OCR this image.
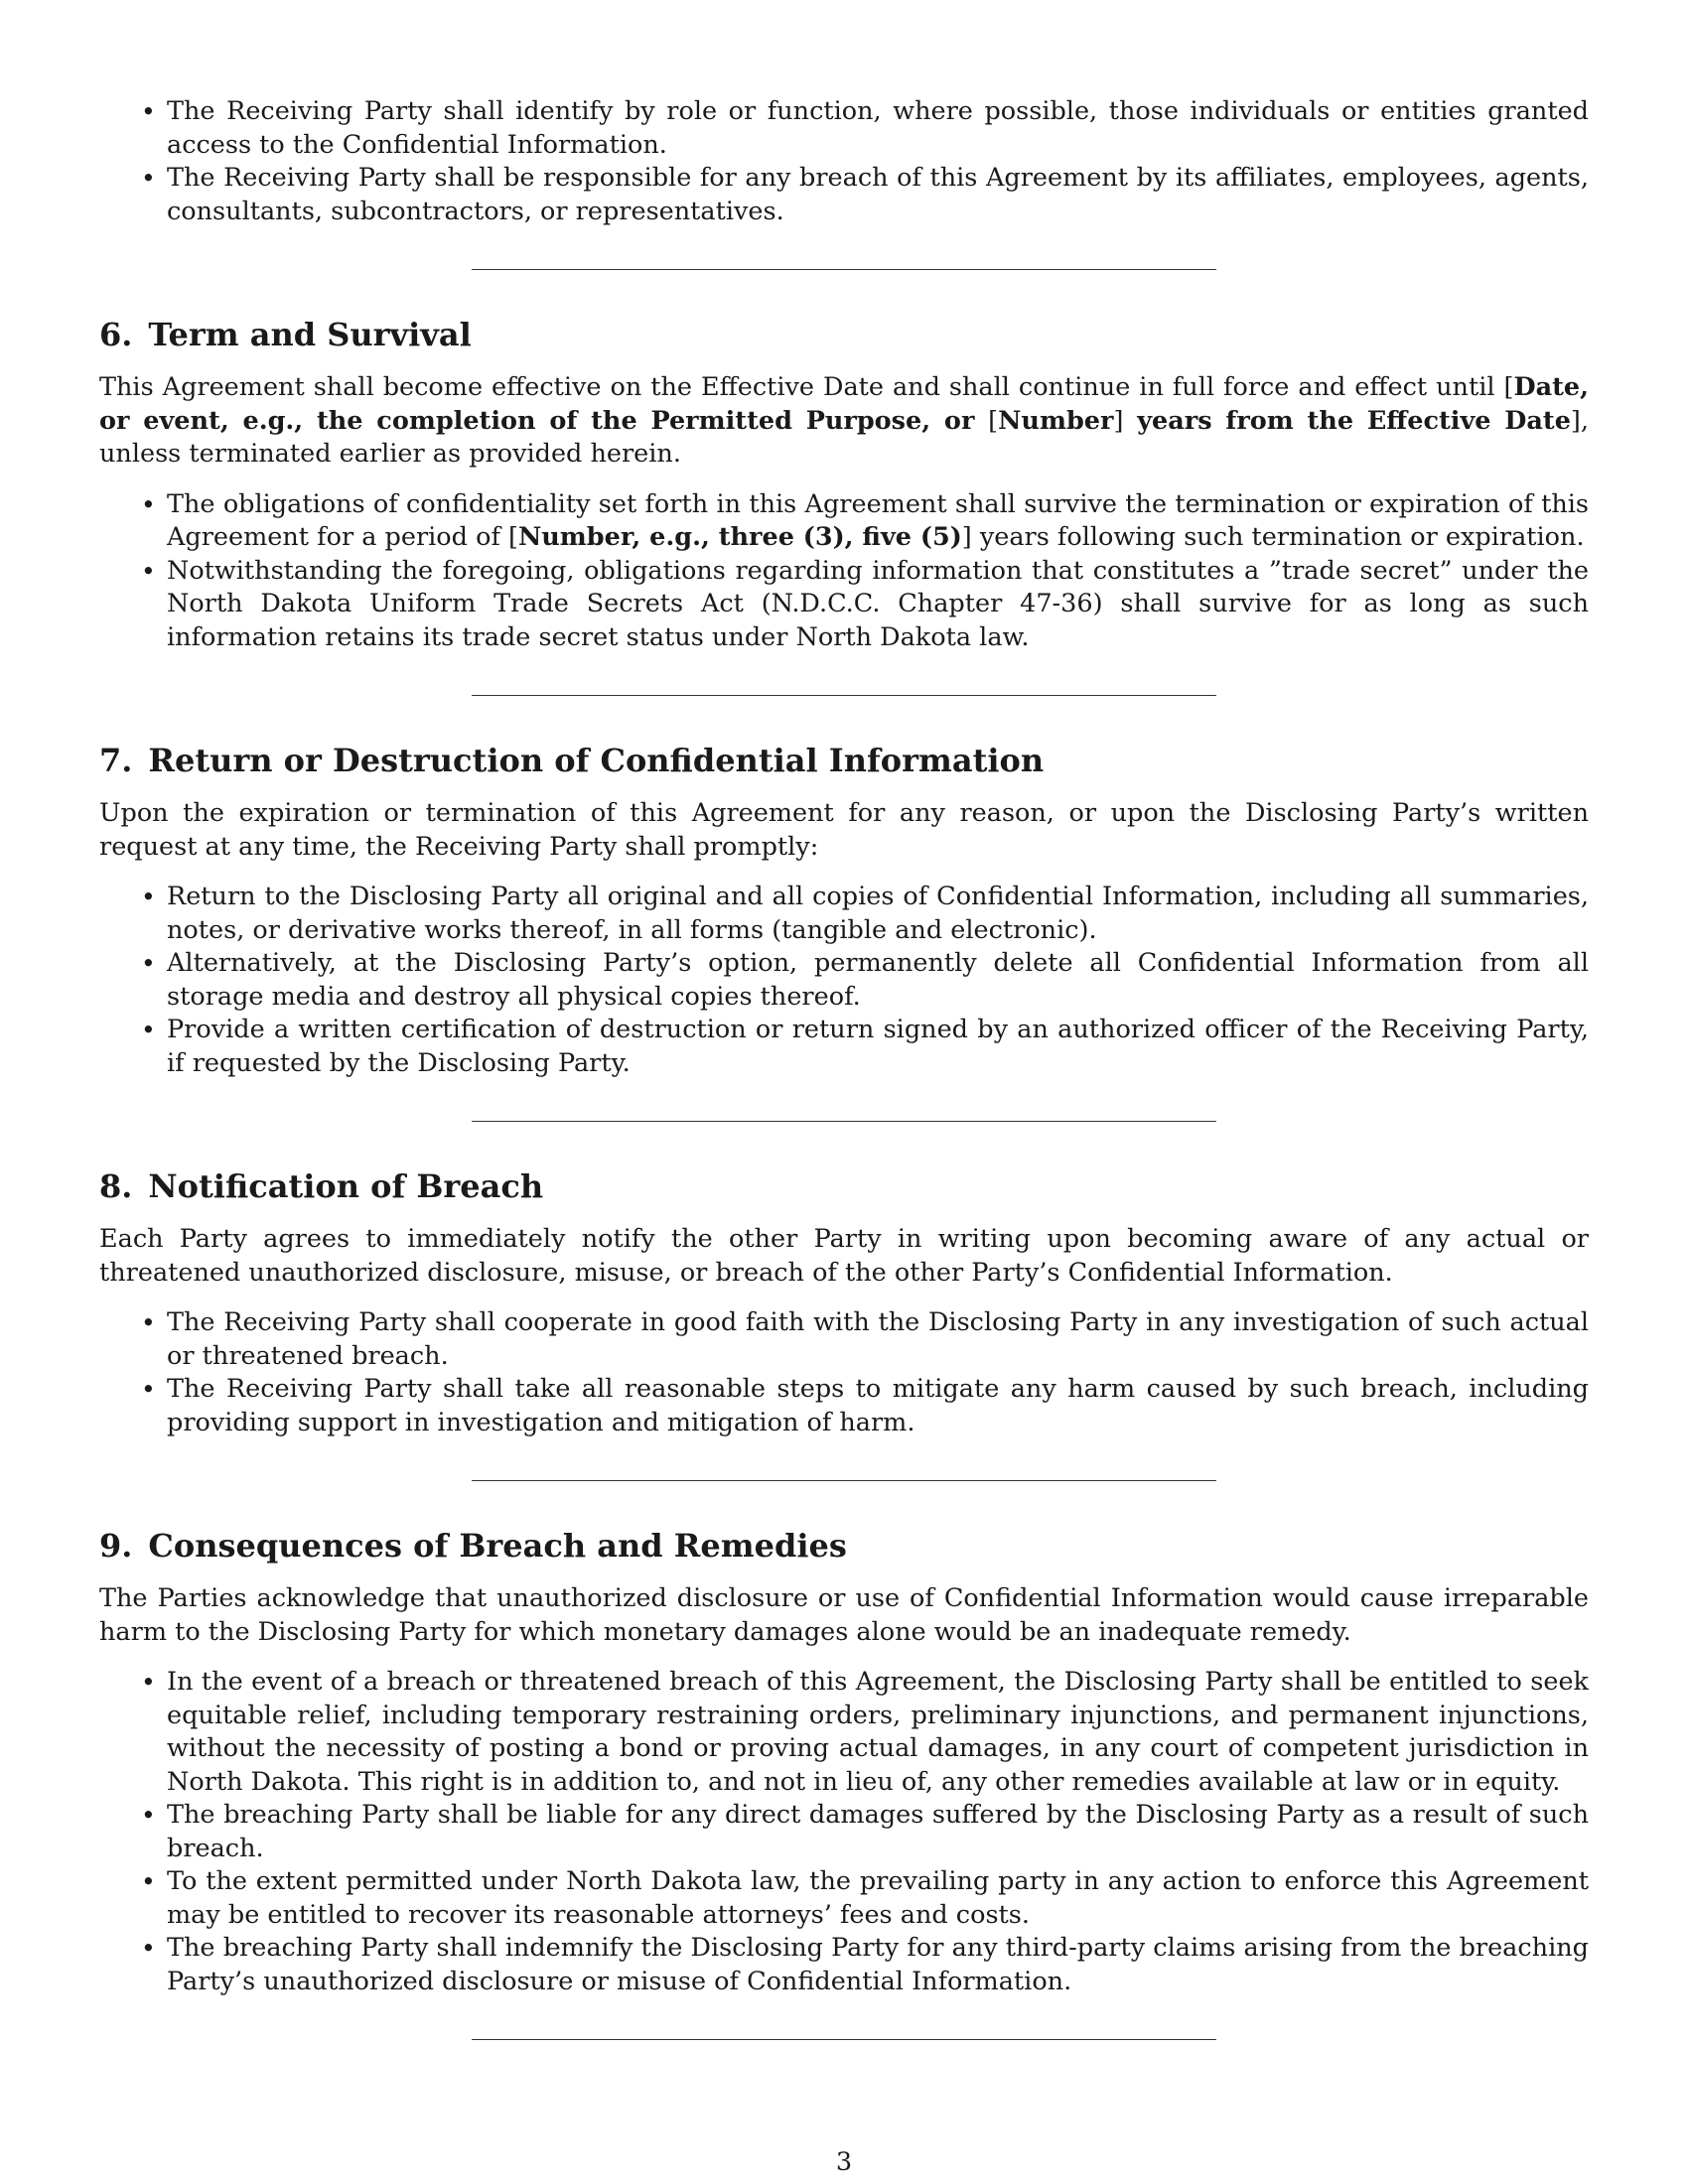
• The Receiving Party shall identify by role or function, where possible, those individuals or entities granted access to the Confidential Information.
• The Receiving Party shall be responsible for any breach of this Agreement by its affiliates, employees, agents, consultants, subcontractors, or representatives.
6. Term and Survival

This Agreement shall become effective on the Effective Date and shall continue in full force and effect until [Date, or event, e.g., the completion of the Permitted Purpose, or [Number] years from the Effective Date], unless terminated earlier as provided herein.

• The obligations of confidentiality set forth in this Agreement shall survive the termination or expiration of this Agreement for a period of [Number, e.g., three (3), five (5)] years following such termination or expiration.
• Notwithstanding the foregoing, obligations regarding information that constitutes a ”trade secret” under the North Dakota Uniform Trade Secrets Act (N.D.C.C. Chapter 47-36) shall survive for as long as such information retains its trade secret status under North Dakota law.
7. Return or Destruction of Confidential Information

Upon the expiration or termination of this Agreement for any reason, or upon the Disclosing Party’s written request at any time, the Receiving Party shall promptly:

• Return to the Disclosing Party all original and all copies of Confidential Information, including all summaries, notes, or derivative works thereof, in all forms (tangible and electronic).
• Alternatively, at the Disclosing Party’s option, permanently delete all Confidential Information from all storage media and destroy all physical copies thereof.
• Provide a written certification of destruction or return signed by an authorized officer of the Receiving Party, if requested by the Disclosing Party.
8. Notification of Breach

Each Party agrees to immediately notify the other Party in writing upon becoming aware of any actual or threatened unauthorized disclosure, misuse, or breach of the other Party’s Confidential Information.

• The Receiving Party shall cooperate in good faith with the Disclosing Party in any investigation of such actual or threatened breach.
• The Receiving Party shall take all reasonable steps to mitigate any harm caused by such breach, including providing support in investigation and mitigation of harm.
9. Consequences of Breach and Remedies

The Parties acknowledge that unauthorized disclosure or use of Confidential Information would cause irreparable harm to the Disclosing Party for which monetary damages alone would be an inadequate remedy.

• In the event of a breach or threatened breach of this Agreement, the Disclosing Party shall be entitled to seek equitable relief, including temporary restraining orders, preliminary injunctions, and permanent injunctions, without the necessity of posting a bond or proving actual damages, in any court of competent jurisdiction in North Dakota. This right is in addition to, and not in lieu of, any other remedies available at law or in equity.
• The breaching Party shall be liable for any direct damages suffered by the Disclosing Party as a result of such breach.
• To the extent permitted under North Dakota law, the prevailing party in any action to enforce this Agreement may be entitled to recover its reasonable attorneys’ fees and costs.
• The breaching Party shall indemnify the Disclosing Party for any third-party claims arising from the breaching Party’s unauthorized disclosure or misuse of Confidential Information.
3
